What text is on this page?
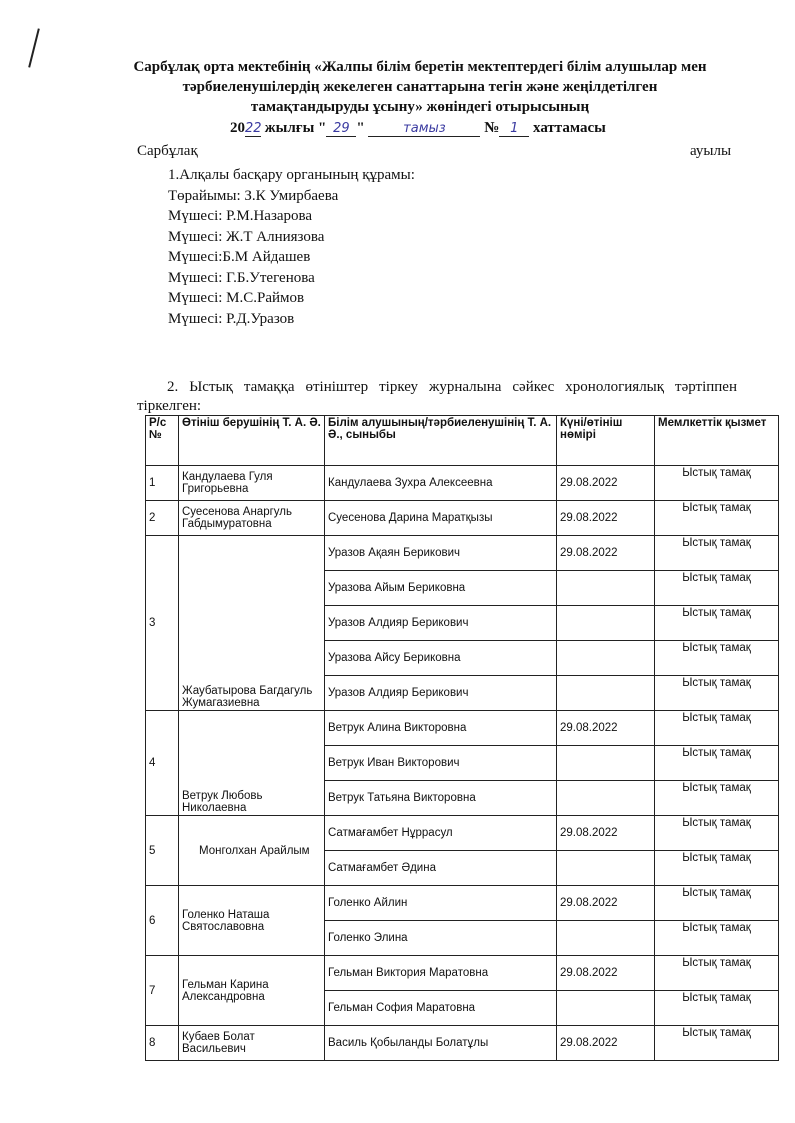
Сарбұлақ орта мектебінің «Жалпы білім беретін мектептердегі білім алушылар мен
тәрбиеленушілердің жекелеген санаттарына тегін және жеңілдетілген
тамақтандыруды ұсыну» жөніндегі отырысының
2022 жылғы " 29 "	тамыз	№ 1 хаттамасы
Сарбұлақ	ауылы
1.Алқалы басқару органының құрамы:
Төрайымы: З.К Умирбаева
Мүшесі: Р.М.Назарова
Мүшесі: Ж.Т Алниязова
Мүшесі:Б.М Айдашев
Мүшесі: Г.Б.Утегенова
Мүшесі: М.С.Раймов
Мүшесі: Р.Д.Уразов
2. Ыстық тамаққа өтініштер тіркеу журналына сәйкес хронологиялық тәртіппен тіркелген:
Р/с №	Өтініш берушінің Т. А. Ә.	Білім алушының/тәрбиеленушінің Т. А. Ә., сыныбы	Күні/өтініш нөмірі	Мемлкеттік қызмет
1	Кандулаева Гуля Григорьевна	Кандулаева Зухра Алексеевна	29.08.2022	Ыстық тамақ
2	Суесенова Анаргуль Габдымуратовна	Суесенова Дарина Маратқызы	29.08.2022	Ыстық тамақ
3	Жаубатырова Багдагуль Жумагазиевна	Уразов Ақаян Берикович	29.08.2022	Ыстық тамақ
		Уразова Айым Бериковна		Ыстық тамақ
		Уразов Алдияр Берикович		Ыстық тамақ
		Уразова Айсу Бериковна		Ыстық тамақ
		Уразов Алдияр Берикович		Ыстық тамақ
4	Ветрук Любовь Николаевна	Ветрук Алина Викторовна	29.08.2022	Ыстық тамақ
		Ветрук Иван Викторович		Ыстық тамақ
		Ветрук Татьяна Викторовна		Ыстық тамақ
5	Монголхан Арайлым	Сатмағамбет Нұррасул	29.08.2022	Ыстық тамақ
		Сатмағамбет Әдина		Ыстық тамақ
6	Голенко Наташа Святославовна	Голенко Айлин	29.08.2022	Ыстық тамақ
		Голенко Элина		Ыстық тамақ
7	Гельман Карина Александровна	Гельман Виктория Маратовна	29.08.2022	Ыстық тамақ
		Гельман София Маратовна		Ыстық тамақ
8	Кубаев Болат Васильевич	Василь Қобыланды Болатұлы	29.08.2022	Ыстық тамақ
